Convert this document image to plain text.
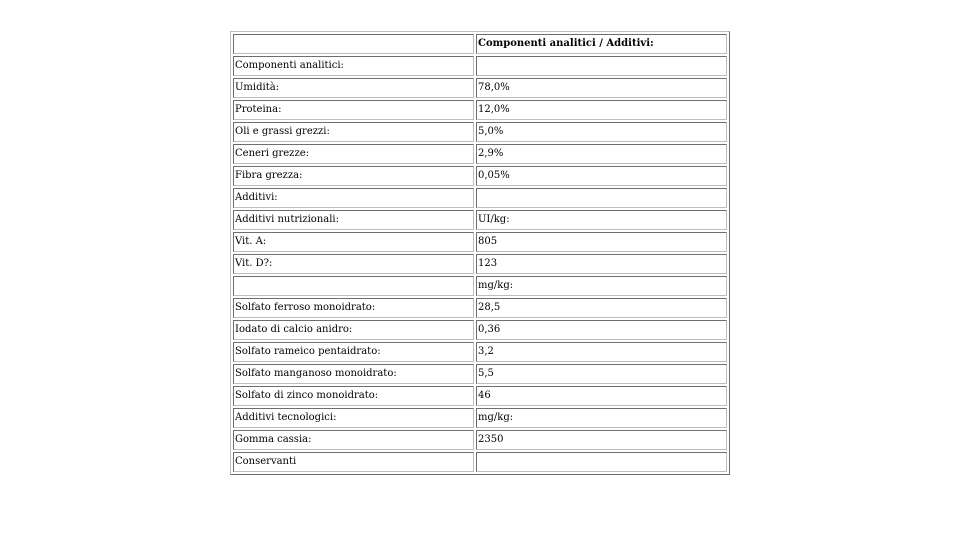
	Componenti analitici / Additivi:
Componenti analitici:	
Umidità:	78,0%
Proteina:	12,0%
Oli e grassi grezzi:	5,0%
Ceneri grezze:	2,9%
Fibra grezza:	0,05%
Additivi:	
Additivi nutrizionali:	UI/kg:
Vit. A:	805
Vit. D?:	123
	mg/kg:
Solfato ferroso monoidrato:	28,5
Iodato di calcio anidro:	0,36
Solfato rameico pentaidrato:	3,2
Solfato manganoso monoidrato:	5,5
Solfato di zinco monoidrato:	46
Additivi tecnologici:	mg/kg:
Gomma cassia:	2350
Conservanti	
